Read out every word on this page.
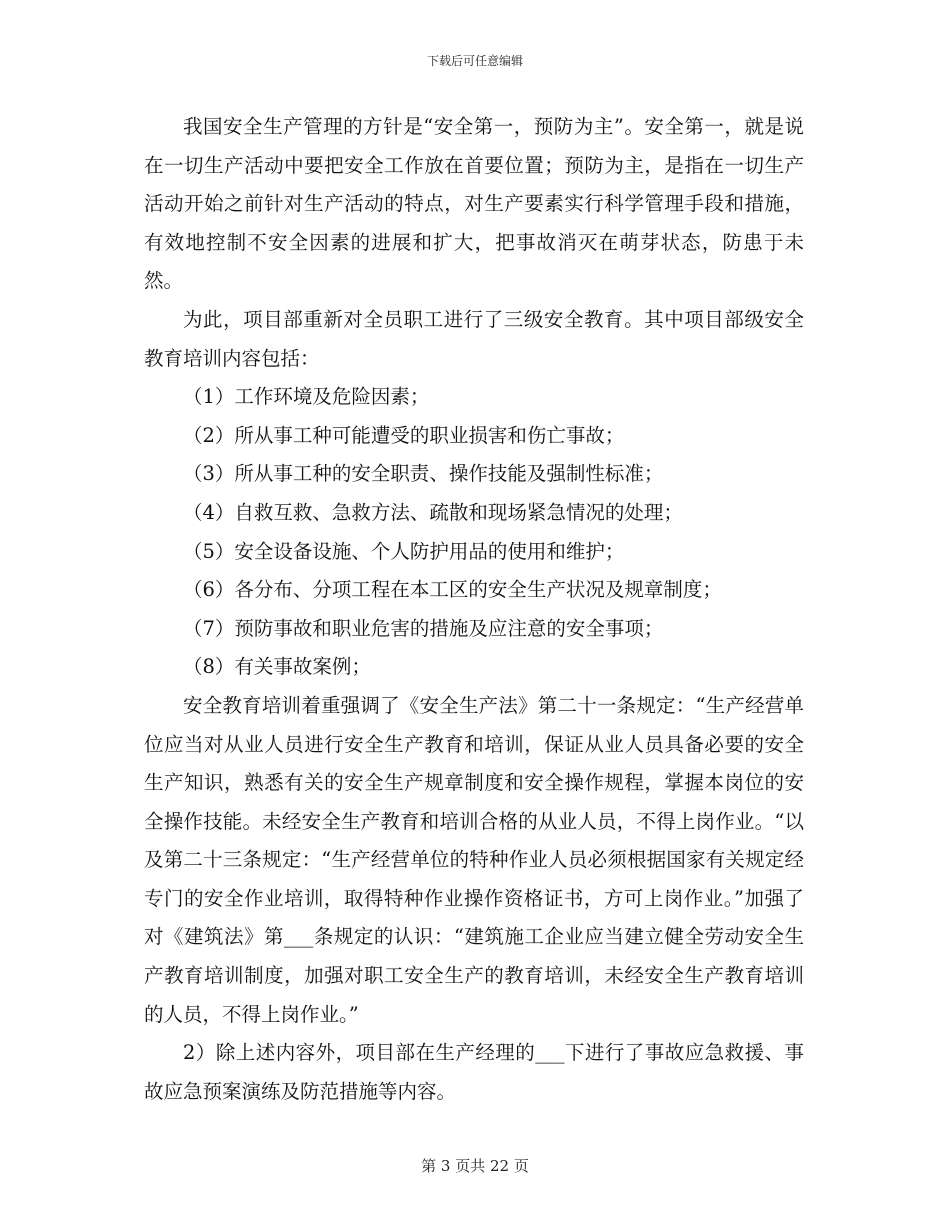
下载后可任意编辑

我国安全生产管理的方针是“安全第一，预防为主”。安全第一，就是说在一切生产活动中要把安全工作放在首要位置；预防为主，是指在一切生产活动开始之前针对生产活动的特点，对生产要素实行科学管理手段和措施，有效地控制不安全因素的进展和扩大，把事故消灭在萌芽状态，防患于未然。

为此，项目部重新对全员职工进行了三级安全教育。其中项目部级安全教育培训内容包括：

（1）工作环境及危险因素；

（2）所从事工种可能遭受的职业损害和伤亡事故；

（3）所从事工种的安全职责、操作技能及强制性标准；

（4）自救互救、急救方法、疏散和现场紧急情况的处理；

（5）安全设备设施、个人防护用品的使用和维护；

（6）各分布、分项工程在本工区的安全生产状况及规章制度；

（7）预防事故和职业危害的措施及应注意的安全事项；

（8）有关事故案例；

安全教育培训着重强调了《安全生产法》第二十一条规定：“生产经营单位应当对从业人员进行安全生产教育和培训，保证从业人员具备必要的安全生产知识，熟悉有关的安全生产规章制度和安全操作规程，掌握本岗位的安全操作技能。未经安全生产教育和培训合格的从业人员，不得上岗作业。“以及第二十三条规定：“生产经营单位的特种作业人员必须根据国家有关规定经专门的安全作业培训，取得特种作业操作资格证书，方可上岗作业。”加强了对《建筑法》第___条规定的认识：“建筑施工企业应当建立健全劳动安全生产教育培训制度，加强对职工安全生产的教育培训，未经安全生产教育培训的人员，不得上岗作业。”

2）除上述内容外，项目部在生产经理的___下进行了事故应急救援、事故应急预案演练及防范措施等内容。

第 3 页共 22 页
